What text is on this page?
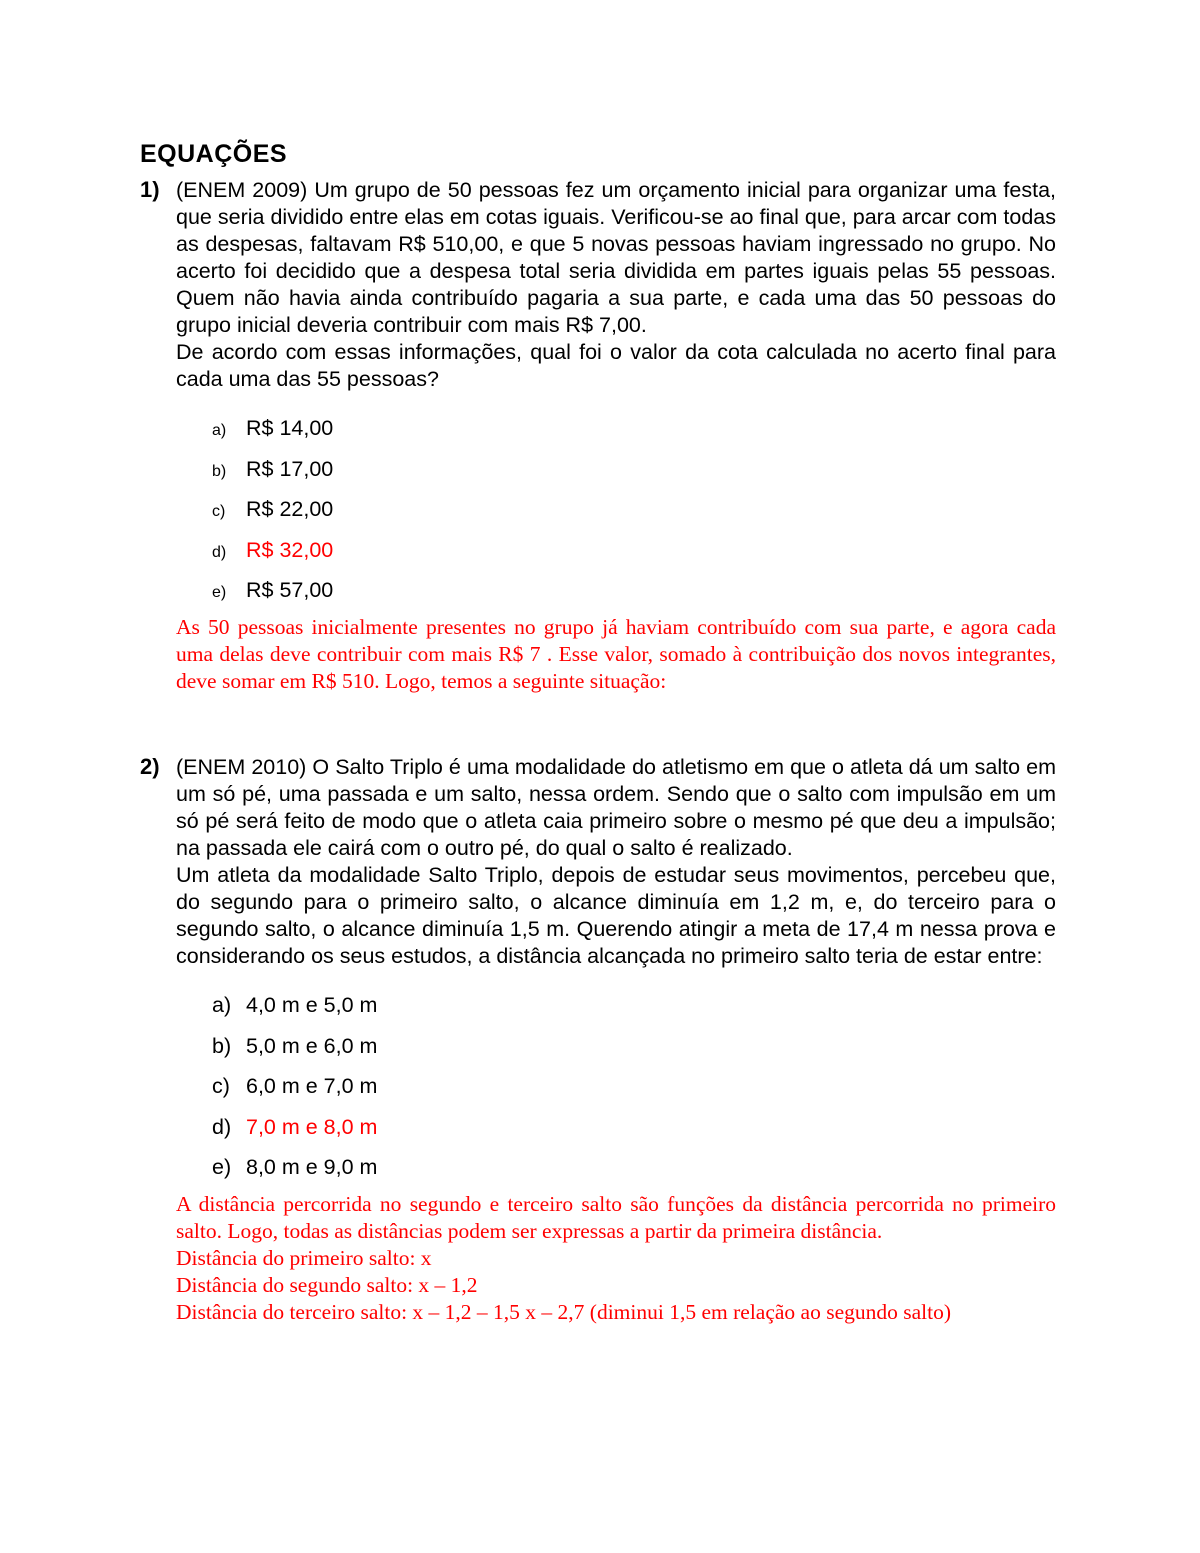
EQUAÇÕES
1) (ENEM 2009) Um grupo de 50 pessoas fez um orçamento inicial para organizar uma festa, que seria dividido entre elas em cotas iguais. Verificou-se ao final que, para arcar com todas as despesas, faltavam R$ 510,00, e que 5 novas pessoas haviam ingressado no grupo. No acerto foi decidido que a despesa total seria dividida em partes iguais pelas 55 pessoas. Quem não havia ainda contribuído pagaria a sua parte, e cada uma das 50 pessoas do grupo inicial deveria contribuir com mais R$ 7,00.

De acordo com essas informações, qual foi o valor da cota calculada no acerto final para cada uma das 55 pessoas?

a) R$ 14,00
b) R$ 17,00
c) R$ 22,00
d) R$ 32,00
e) R$ 57,00

As 50 pessoas inicialmente presentes no grupo já haviam contribuído com sua parte, e agora cada uma delas deve contribuir com mais R$ 7 . Esse valor, somado à contribuição dos novos integrantes, deve somar em R$ 510. Logo, temos a seguinte situação:

2) (ENEM 2010) O Salto Triplo é uma modalidade do atletismo em que o atleta dá um salto em um só pé, uma passada e um salto, nessa ordem. Sendo que o salto com impulsão em um só pé será feito de modo que o atleta caia primeiro sobre o mesmo pé que deu a impulsão; na passada ele cairá com o outro pé, do qual o salto é realizado.

Um atleta da modalidade Salto Triplo, depois de estudar seus movimentos, percebeu que, do segundo para o primeiro salto, o alcance diminuía em 1,2 m, e, do terceiro para o segundo salto, o alcance diminuía 1,5 m. Querendo atingir a meta de 17,4 m nessa prova e considerando os seus estudos, a distância alcançada no primeiro salto teria de estar entre:

a) 4,0 m e 5,0 m
b) 5,0 m e 6,0 m
c) 6,0 m e 7,0 m
d) 7,0 m e 8,0 m
e) 8,0 m e 9,0 m

A distância percorrida no segundo e terceiro salto são funções da distância percorrida no primeiro salto. Logo, todas as distâncias podem ser expressas a partir da primeira distância.

Distância do primeiro salto: x

Distância do segundo salto: x – 1,2

Distância do terceiro salto: x – 1,2 – 1,5 x – 2,7 (diminui 1,5 em relação ao segundo salto)
